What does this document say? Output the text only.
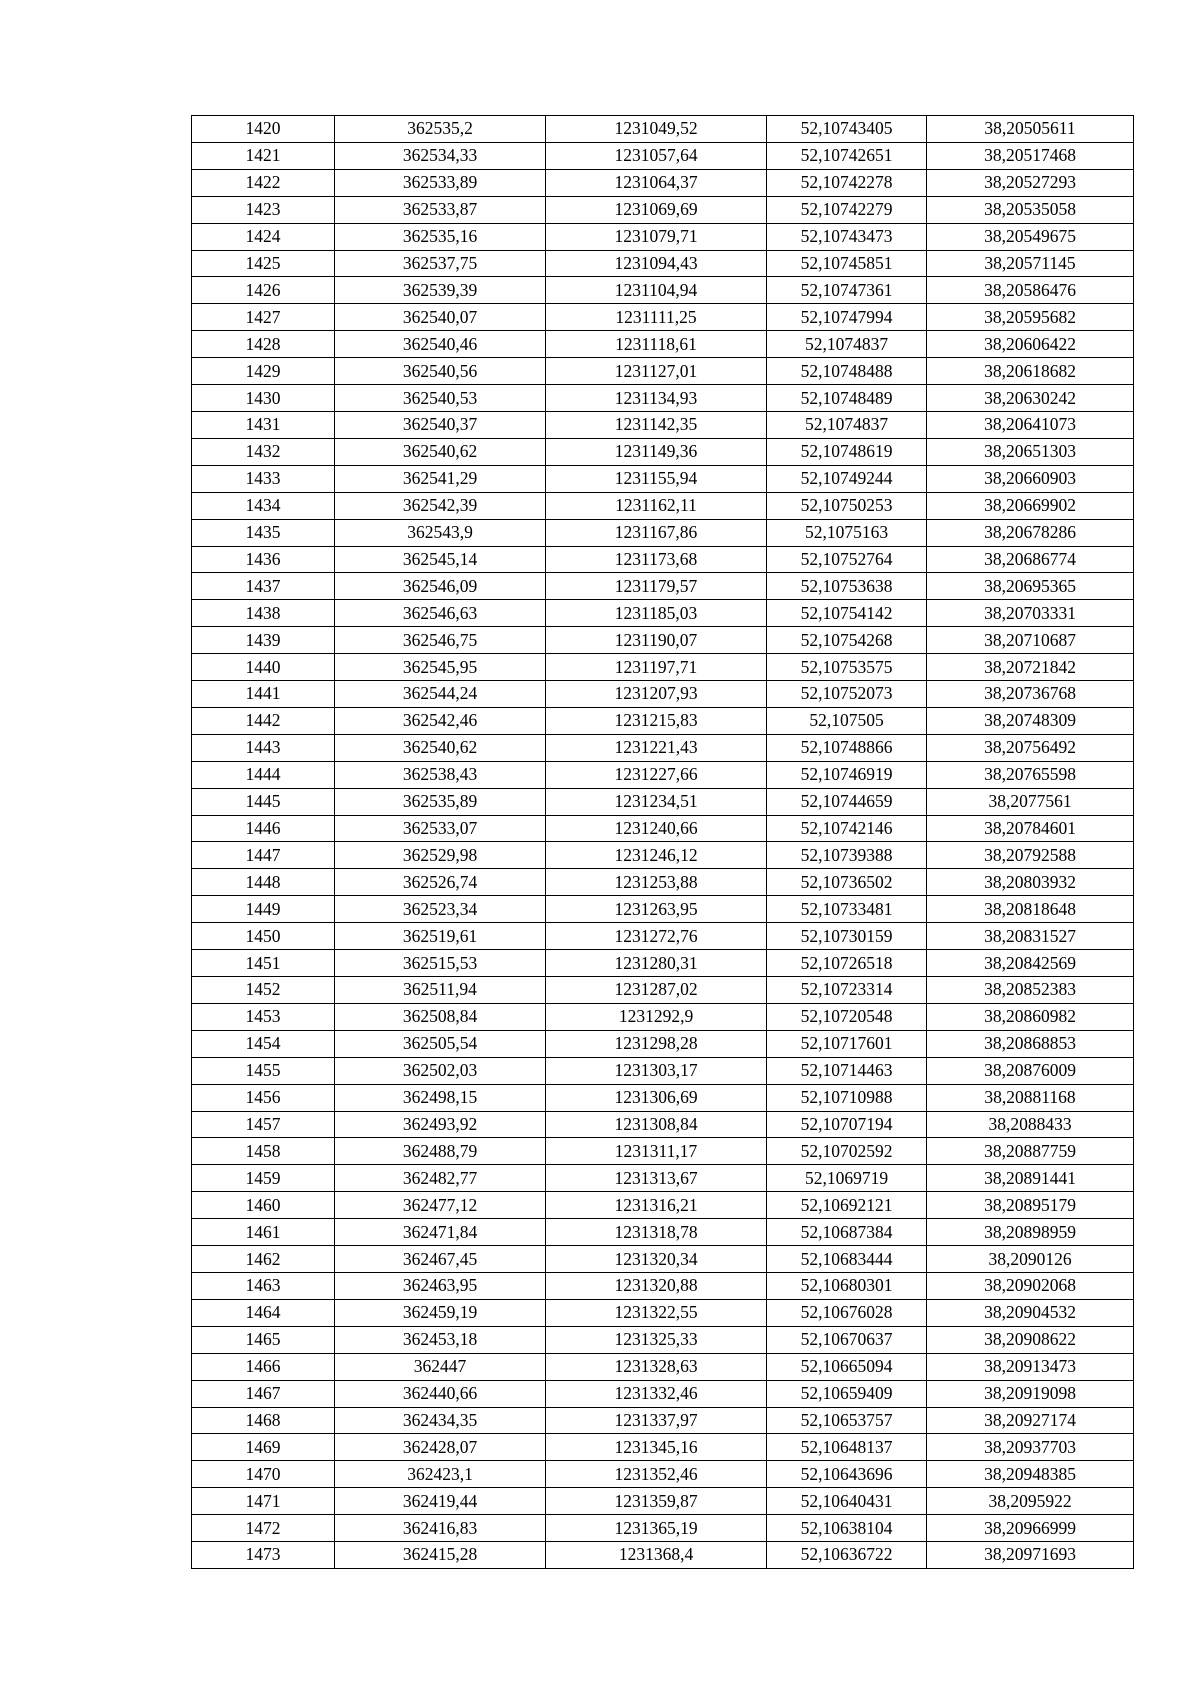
1420	362535,2	1231049,52	52,10743405	38,20505611
1421	362534,33	1231057,64	52,10742651	38,20517468
1422	362533,89	1231064,37	52,10742278	38,20527293
1423	362533,87	1231069,69	52,10742279	38,20535058
1424	362535,16	1231079,71	52,10743473	38,20549675
1425	362537,75	1231094,43	52,10745851	38,20571145
1426	362539,39	1231104,94	52,10747361	38,20586476
1427	362540,07	1231111,25	52,10747994	38,20595682
1428	362540,46	1231118,61	52,1074837	38,20606422
1429	362540,56	1231127,01	52,10748488	38,20618682
1430	362540,53	1231134,93	52,10748489	38,20630242
1431	362540,37	1231142,35	52,1074837	38,20641073
1432	362540,62	1231149,36	52,10748619	38,20651303
1433	362541,29	1231155,94	52,10749244	38,20660903
1434	362542,39	1231162,11	52,10750253	38,20669902
1435	362543,9	1231167,86	52,1075163	38,20678286
1436	362545,14	1231173,68	52,10752764	38,20686774
1437	362546,09	1231179,57	52,10753638	38,20695365
1438	362546,63	1231185,03	52,10754142	38,20703331
1439	362546,75	1231190,07	52,10754268	38,20710687
1440	362545,95	1231197,71	52,10753575	38,20721842
1441	362544,24	1231207,93	52,10752073	38,20736768
1442	362542,46	1231215,83	52,107505	38,20748309
1443	362540,62	1231221,43	52,10748866	38,20756492
1444	362538,43	1231227,66	52,10746919	38,20765598
1445	362535,89	1231234,51	52,10744659	38,2077561
1446	362533,07	1231240,66	52,10742146	38,20784601
1447	362529,98	1231246,12	52,10739388	38,20792588
1448	362526,74	1231253,88	52,10736502	38,20803932
1449	362523,34	1231263,95	52,10733481	38,20818648
1450	362519,61	1231272,76	52,10730159	38,20831527
1451	362515,53	1231280,31	52,10726518	38,20842569
1452	362511,94	1231287,02	52,10723314	38,20852383
1453	362508,84	1231292,9	52,10720548	38,20860982
1454	362505,54	1231298,28	52,10717601	38,20868853
1455	362502,03	1231303,17	52,10714463	38,20876009
1456	362498,15	1231306,69	52,10710988	38,20881168
1457	362493,92	1231308,84	52,10707194	38,2088433
1458	362488,79	1231311,17	52,10702592	38,20887759
1459	362482,77	1231313,67	52,1069719	38,20891441
1460	362477,12	1231316,21	52,10692121	38,20895179
1461	362471,84	1231318,78	52,10687384	38,20898959
1462	362467,45	1231320,34	52,10683444	38,2090126
1463	362463,95	1231320,88	52,10680301	38,20902068
1464	362459,19	1231322,55	52,10676028	38,20904532
1465	362453,18	1231325,33	52,10670637	38,20908622
1466	362447	1231328,63	52,10665094	38,20913473
1467	362440,66	1231332,46	52,10659409	38,20919098
1468	362434,35	1231337,97	52,10653757	38,20927174
1469	362428,07	1231345,16	52,10648137	38,20937703
1470	362423,1	1231352,46	52,10643696	38,20948385
1471	362419,44	1231359,87	52,10640431	38,2095922
1472	362416,83	1231365,19	52,10638104	38,20966999
1473	362415,28	1231368,4	52,10636722	38,20971693
